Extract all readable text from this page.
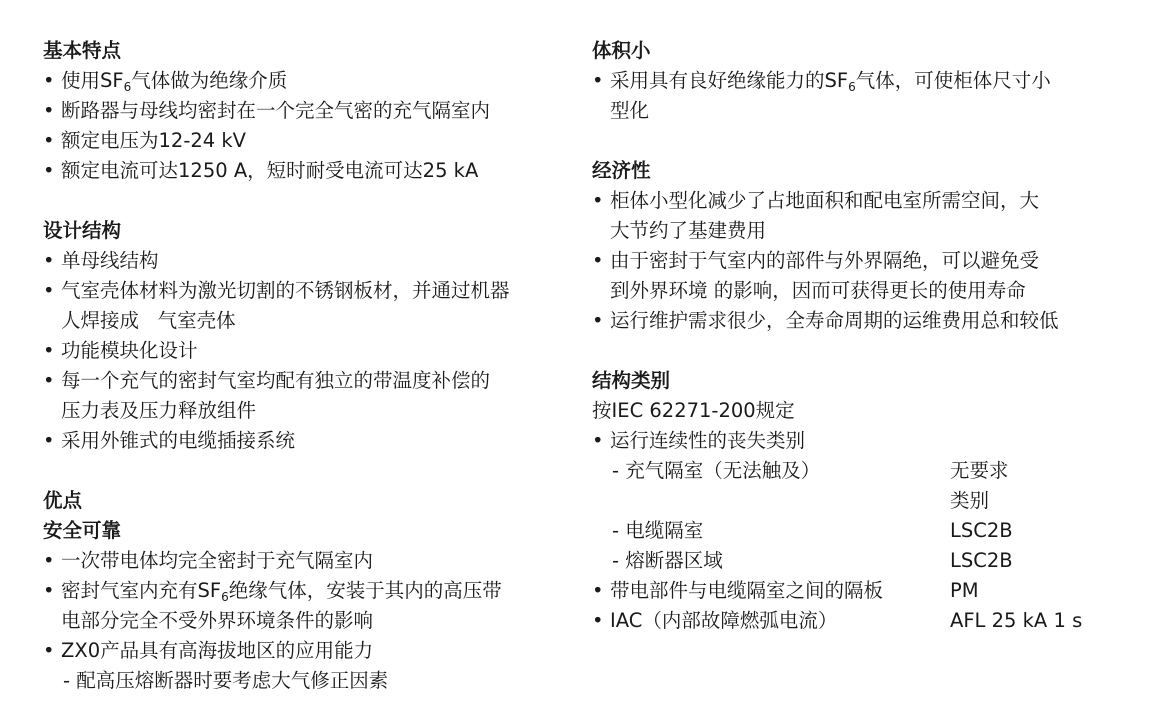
基本特点
• 使用$SF_6$气体做为绝缘介质
• 断路器与母线均密封在一个完全气密的充气隔室内
• 额定电压为12-24 kV
• 额定电流可达1250 A，短时耐受电流可达25 kA
设计结构
• 单母线结构
• 气室壳体材料为激光切割的不锈钢板材，并通过机器
人焊接成   气室壳体
• 功能模块化设计
• 每一个充气的密封气室均配有独立的带温度补偿的
压力表及压力释放组件
• 采用外锥式的电缆插接系统
优点
安全可靠
• 一次带电体均完全密封于充气隔室内
• 密封气室内充有$SF_6$绝缘气体，安装于其内的高压带
电部分完全不受外界环境条件的影响
• ZX0产品具有高海拔地区的应用能力
- 配高压熔断器时要考虑大气修正因素
体积小
• 采用具有良好绝缘能力的$SF_6$气体，可使柜体尺寸小
型化
经济性
• 柜体小型化减少了占地面积和配电室所需空间，大
大节约了基建费用
• 由于密封于气室内的部件与外界隔绝，可以避免受
到外界环境 的影响，因而可获得更长的使用寿命
• 运行维护需求很少，全寿命周期的运维费用总和较低
结构类别
按IEC 62271-200规定
• 运行连续性的丧失类别
- 充气隔室（无法触及）	无要求
类别
- 电缆隔室	LSC2B
- 熔断器区域	LSC2B
• 带电部件与电缆隔室之间的隔板	PM
• IAC（内部故障燃弧电流）	AFL 25 kA 1 s
